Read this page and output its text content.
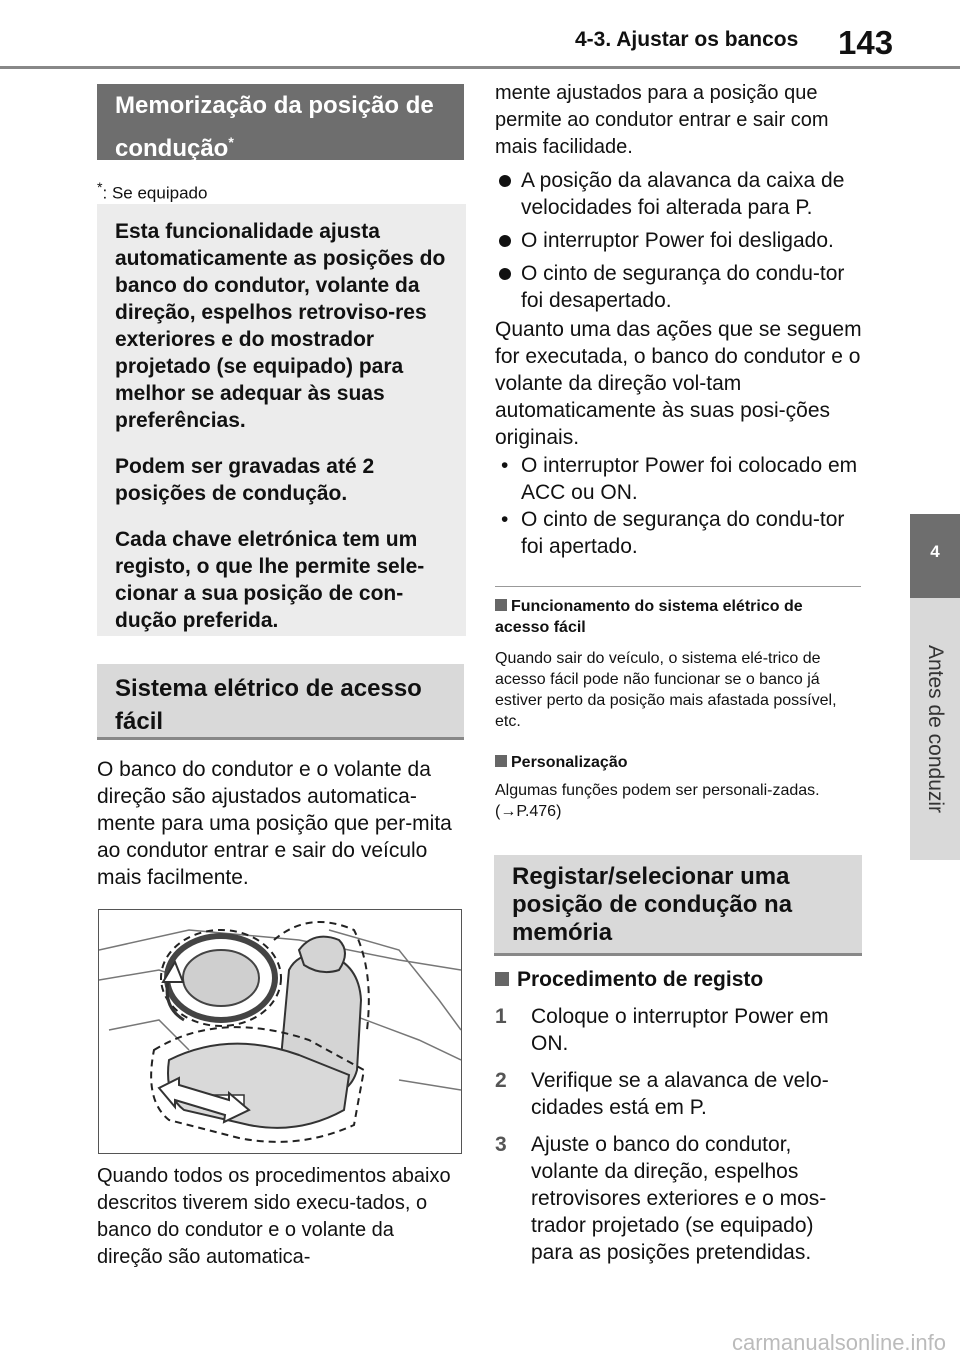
4-3. Ajustar os bancos 143
4
Antes de conduzir
Memorização da posição de condução*
*: Se equipado

Esta funcionalidade ajusta automaticamente as posições do banco do condutor, volante da direção, espelhos retroviso-res exteriores e do mostrador projetado (se equipado) para melhor se adequar às suas preferências.

Podem ser gravadas até 2 posições de condução.

Cada chave eletrónica tem um registo, o que lhe permite sele-cionar a sua posição de con-dução preferida.

Sistema elétrico de acesso fácil
O banco do condutor e o volante da direção são ajustados automatica-mente para uma posição que per-mita ao condutor entrar e sair do veículo mais facilmente.
Quando todos os procedimentos abaixo descritos tiverem sido execu-tados, o banco do condutor e o volante da direção são automatica-
mente ajustados para a posição que permite ao condutor entrar e sair com mais facilidade.
A posição da alavanca da caixa de velocidades foi alterada para P.
O interruptor Power foi desligado.
O cinto de segurança do condu-tor foi desapertado.
Quanto uma das ações que se seguem for executada, o banco do condutor e o volante da direção vol-tam automaticamente às suas posi-ções originais.
• O interruptor Power foi colocado em ACC ou ON.
• O cinto de segurança do condu-tor foi apertado.
Funcionamento do sistema elétrico de acesso fácil
Quando sair do veículo, o sistema elé-trico de acesso fácil pode não funcionar se o banco já estiver perto da posição mais afastada possível, etc.
Personalização
Algumas funções podem ser personali-zadas. (→P.476)
Registar/selecionar uma posição de condução na memória
Procedimento de registo
1 Coloque o interruptor Power em ON.
2 Verifique se a alavanca de velo-cidades está em P.
3 Ajuste o banco do condutor, volante da direção, espelhos retrovisores exteriores e o mos-trador projetado (se equipado) para as posições pretendidas.
carmanualsonline.info
